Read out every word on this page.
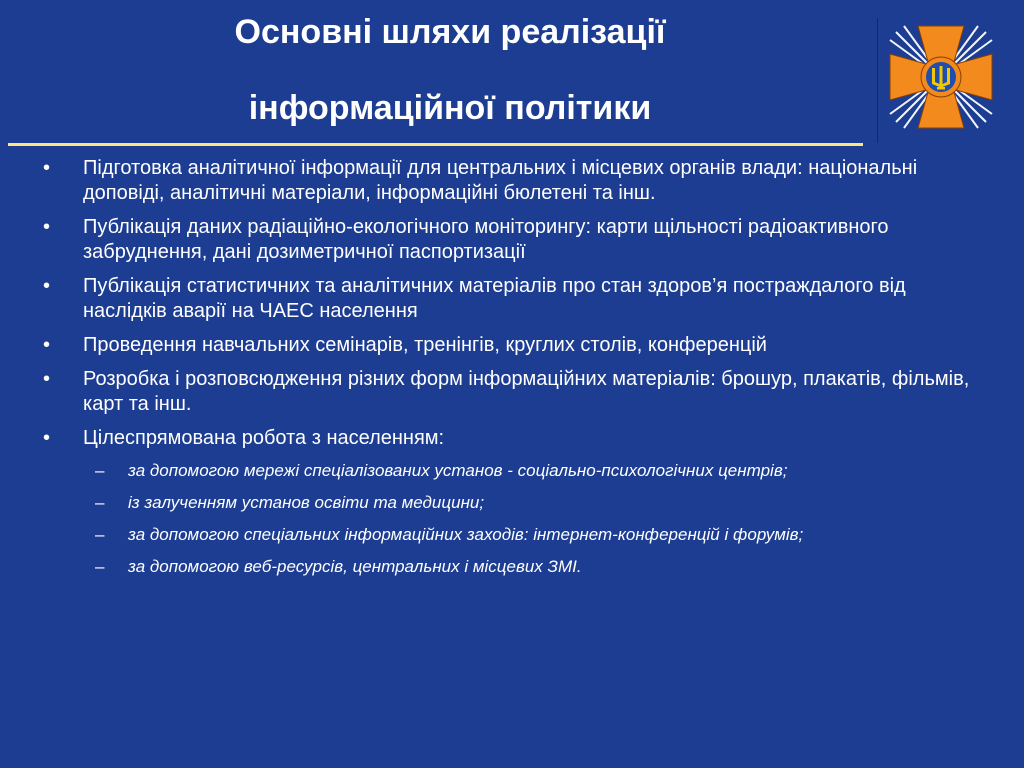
Основні шляхи реалізації
інформаційної політики
• Підготовка аналітичної інформації для центральних і місцевих органів влади: національні доповіді, аналітичні матеріали, інформаційні бюлетені та інш.
• Публікація даних радіаційно-екологічного моніторингу: карти щільності радіоактивного забруднення, дані дозиметричної паспортизації
• Публікація статистичних та аналітичних матеріалів про стан здоров’я постраждалого від наслідків аварії на ЧАЕС населення
• Проведення навчальних семінарів, тренінгів, круглих столів, конференцій
• Розробка і розповсюдження різних форм інформаційних матеріалів: брошур, плакатів, фільмів, карт та інш.
• Цілеспрямована робота з населенням:
– за допомогою мережі спеціалізованих установ - соціально-психологічних центрів;
– із залученням установ освіти та медицини;
– за допомогою спеціальних інформаційних заходів: інтернет-конференцій і форумів;
– за допомогою веб-ресурсів, центральних і місцевих ЗМІ.
